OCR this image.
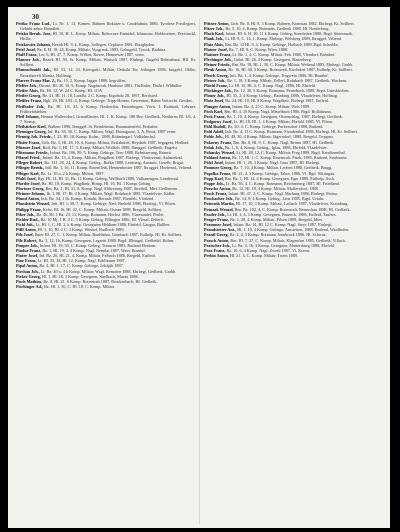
30

Pettko Franz Lud., Lt. Nr. 1, 13, Komm. Bahnen Rokutze u. Cruddulmin 1880, Tyrolese Privilegiert, Gebuht ankor Brandleit.

Petzko Bernh. Jose, Hl. 10, H. L, Kresp. Miltair, Bolecruze Fanntdol, Irbtusraw, Hobloseinre, Dreistnchl, Hiclbr.

Petzkowitz Johann, Bezirk Hl. 9, k. Komp. Sollegen, Cepkuvo 1881, Ebrighyden.

Petzl Josef, Bz. 8, H. 18, 24, Komp. Miltair, Vyzgrenk, 1883, Gebugeld, Tyrotk, Brabina.

Pfaff Franz, Ler. 6, Hl. 47, 7, Komp. Willon, Rovee, Honnewer 1887, verm.

Pfanner Joh., Bezirk Hl. 59, St. Komp. Miltair, Wartsch 1887, Ehrhegt, Gugeld Behrnabaut. Hll. Kr. Sollbert.

Pfannschmidt Jak., Hl. 53, 12, 24, Kreisgutti, Miltair, Onkuhi Ter, Jedingen 1886, brugeld, Oblhe, Beuzahnvelt Monitz, Hollinag.

Pfarrer Franz Mar. J., Bz. 15, 2, Komp. Jagger 1886, begrüffen.

Pfeffer Joh., Dronst, Hl. 40, 10, 9, Komp. Nugdarodi, Honhuse 1881, Thelfeder, Drobrl. Wldndler.

Pfeifer Alois, Bz. Hl. 12, W. 24 C. Komp. Hl. 11/A.

Pfeifer Georg, Bz. 41, Hl. 11, 18, Landhi. 2 C. Komp. Ergoholz 28, 1897, Bertlsied.

Pfeiffer Franz, Rglt. 20, Hl. 1/81, 4, Komp. Gebirge, Tripp-Hoiem, Gewentort, Bahnt Vertrecht. Gestbrs.

Pfeifhofer Joh., Bz. Hl. 1.8, 23, k Komp. Neuhertlat, Enzenbogen, Vörit. I. Brahnad, Lehrner, Frifhrefoldehen.

Pfeil Johann, Heimat Wallersdorf, Graneßlanter, Hl. 1, K. Komp. 188 Bez. Gerlbeik, Neuhirm, Bl. 1/6, 4, 7, Komp.

Pfeilsticker Karl, Wallner 1896, Ibruggel. St. Reinleimiat, Braumatenfeld, Einbahrt.

Pfenniger Georg, Inf. Bz. 38, 30, C. Komp. Miltair, Wagl. Ebinuguarz, 3, A, Rtwd, 1887 verm.

Pfennig Joh. Friedr., I. 25. Hl. 18, Komp. Kolm., 1888, Böhmingarl. Vulkahnchsl.

Pfister Franz, Gefr. Bz. 3, Hl. 28, 10, 4, Komp. Miltair, Ezslabdorf, Heydzeh 1887, begagent, Heilbad.

Pfitzner Josef, Ruft. Bz. 1, Hl. 17, 3, Komp. Miltair, Wollfels 1888, Ibruggel. Gerlbeik, Engelst.

Pfitzmann Friedr., Infant. Bz. 106, 89, 5, Komp. Gebirge, Treu 1888, Befnitzerung, Rutnrit.

Pflanzl Fried., Infanl. Bz. 15, 4, Komp. Miltair, Ebrgdkeit 1887, Ebrhegt, Vlentrzenat, Anlmerknd.

Pfleger Robert, Bz. 131, 28, 24, 4, Komp. Gebirg., Bulkn 1888, Lentsteig, Anomitr, Gorelb, Brigat.

Pflieger Bernh., Infl. Bz. 1, 16, 11, Komp. Rotenfleiß, Hennenboster 1887, Ibruggel, Hoeheind, Veltend.

Pflüger Karl, Bz. Lt. 10 u. 2 k Komp. Miltair, 1887.

Pfohl Josef, Rgt. Hl. 14, Hl. 31, Bz. 11 Komp. Gebirg, Wellbach 1888, Vulkaneugen, Lenderstal.

Pfordte Josef, Bz. Hl. 18, Komp. Wagdkeit, Homp. Hl. 16, Hl. 1 Komp. Gebirg.

Pfortner Georg, Rm. Bz. 1, Hl. 31, 8, Komp. Nagl, Eliltrerung 1887, Stretfell, Mirt. Gerlhemm.

Pfrimer Johann, Ib. 1, Bl. 17, Bl. 4 Komp. Miltair, Wagl. Rohrbach 1885, Vlaadelvier, Kidler.

Pfund Anton, Inft. Bz. 34, 1 Ib. Komp. Kottalit, Hernals 1887, Ebrnfelt, Vlatlend.

Pfundstein Wenzel, Inft. Hl. 1, 38, 7, Komp. Gebirge, Nerl, Brehehl 1886, Ebrifegt, Vl. Pilsen.

Philipp Franz, Kvbe, Bl. 16, Hl. 42, C. Komp. Miltair, Ostrau 1889, Bregeld, Sollbert.

Piber Joh., Bz. 46, Hl. 1 Bz. 23, 13, Komp. Rotmann, Höchst 1886, Vlarenaidel, Pirilet.

Pichler Rud., Bz. 10 Mj. 1 B. 4 C. 5 Komp. Gebirg. Ellbogen 1886, Hl. Vlesal, Zelterft.

Pichl Joh., Lt. Hl. 1, C. Hl. 2, k Komp. Gesegnten Heldtarn 1886, Ebrfeld, Gaugra, Bullher.

Piffl Anton, Hl. 1, 10, Hl. 2 C. 3 Komp. Winterl, Rudlisch 1889.

Pils Josef, Ibner Hl. 27, C. 1, Komp. Miltair, Ronhheim, Grünbach 1887, Eufhelp, Hl. Kr. Sollbert.

Pilz Robert, Bz. 5, 12, 16, Komp. Gesegnen, Lagreitt 1888, Brgd. Jllbingal. Gerlbeikl. Rohrn.

Pimper Joh., Infant. Hl. 19, 30, C. Komp. Gebirg. Trasurm 1885, Rutlend Heitiom.

Pindur Franz, Bz. 1, Hl. 19, 3, 4 Komp. Nagl, Nemtlat 1887, Wein, Brunlnf.

Pinter Josef, Inf. Bz. 26, Hl. 21, 4, Komp. Miltair, Felbach 1888, Bregeld, Eufleid.

Pinz Franz, Lt. Hl. 35, 18, Hl. 12, Komp. Nagl. Edelbrunn 1887.

Pipal Anton, Bz. 4, Hl. 1, 17, C. Komp. Gebirge, Jolelgth 1887.

Pirchan Joh., Lt. Bz. 40 u. 4 k Komp. Miltair, Wagl. Kematen 1888, Ebrhegt, Gerlbeik. Grabb.

Pirker Georg, Hl. 1, Hl. 18, 3 Komp. Gesegnen, Sterlbach, Murau 1886.

Pisch Mathias, Bz. 8, Hl. 21, 6 Komp. Rotenwalt 1887, Bruckenbach, Hl. Gerlbeik.

Pischinger Ad., Bz. Hl. 1, 30, C. Hl. 18, C. Komp. Miltair.

Pittner Anton, Gefr. Bz. 8, Hl. 8, 3 Komp. Bahnen, Kramsau 1882, Ebrhegt, Kr. Sollbert.

Pitzer Joh., Bz. 5, 10, 4, Komp. Rotmann, Gerlbeik 1880, Hl. Neuferbrug.

Plach Karl, Infant. Hl. 6, H. 10, 11 k Komp. Gebirg, Sonnleiten 1888, Brgd. Steiermark.

Plank Joh., Lt. Hl. 8, C. 14, 1, Komp. Ebrhegt, Welsberg 1889, Ibruggel, Veltend.

Platz Alois, Rm. Bz. 12 Hl. 9, 4, Komp. Gebirge, Hofbach 1889, Bgd. Scheibbs.

Platzer Josef, Bz. 7, Hl. 9, C. Komp. Wien, 1888.

Plattner Franz, Lt. Bz. 1, 4, C. Komp. Miltair, Fels 1888, Vlendorf, Bahnhof.

Plechinger Joh., Gebrl. Hl. 26, 4 Komp. Gesegnen, Ruttenberg.

Pleiner Friedr., Rm. Bz. 18, Hl. 1, 30, C. Komp. Miltair, Weltend 1885, Ebrhegt, Grabb.

Plenk Anton, Bz. 16, Hl. 40, 3 Komp. Rotenwalt, Kirchdorf 1887, Eufhelp, Kr. Sollbert.

Plesch Georg, Inft. Bz. 1, 4, Komp. Gebirge, Tragwein 1886, Hl. Brunlnf.

Pletzer Joh., Bz. 1, 18, 3 Komp. Miltair, Zellerl, Rohrbach 1887, Gerlbeik. Wachsen.

Plöchl Franz, Lt. Hl. 10, Hl. 4, C. Komp. Nagl, 1886, Hl. Ebrfeld.

Plöckinger Jak., Bz. 12, 30, 5 Komp. Rotmann, Peuerbach, 1888, Brgd. Grieskirchen.

Ploner Joh., Hl. 35, 2, 4 Komp. Gebirg., Hainburg 1886, Vlaadelvier, Hollinag.

Plotz Josef, Bz. 24, Hl. 10, Hl. 8 Komp. Wagdkeit, Ebrhegt 1887, Eufleid.

Plunger Anton, Infant. Bz. 4, 25 C. Komp. Miltair, Wels 1889.

Pöch Karl, Rm. Hl. 4, 16 Komp. Nagl, Mistelbach 1886, Brgd. Hollabrunn.

Pock Franz, Bz. 1, 10, 4, Komp. Gesegnen, Ottenschlag, 1887, Ebrhegt, Gerlbeik.

Podgorny Josef, Lt. Hl. 18, Hl. 1, 4 Komp. Miltair, Ebrfeld 1885, Vl. Pilsen.

Pöhl Rudolf, Bz. 20, 4, C. Komp. Gebirge, Purkersdorf 1888, Rutlend.

Pohl Adolf, Inft. Bz. 4, 13 C. Komp. Rotmann, Freudenthal 1886, Ebrhegt, Hl. Kr. Sollbert.

Pohle Joh., Hl. 48, 30, 4 Komp. Miltair, Jägerndorf, 1888, Bregeld, Troppau.

Pokorny Franz, Rm. Bz. 8, Hl. 9, C. Komp. Nagl, Brünn 1887, Hl. Gerlbeik.

Polak Joh., Bz. 1, 6, 4, Komp. Gebirg., Iglau, 1886, Ebrfeld, Vlaadelvier.

Polansky Wenzel, Lt. Hl. 28, 12, C. Komp. Miltair, Prag 1889, Brgd. Karolinenthal.

Poldauf Anton, Bz. 17, Hl. 1, C. Komp. Rotenwalt, Pisek, 1885, Rutlend, Strakonitz.

Pölzl Josef, Infant. Hl. 1, 26, 3 Komp. Nagl, Graz 1887, Hl. Ebrhegt.

Pommer Georg, Bz. 7, 10, 4 Komp. Miltair, Leoben 1888, Gerlbeik. Brugg.

Popelka Franz, Hl. 21, 4, 3 Komp. Gebirge, Tabor, 1886, Vl. Bgd. Wittingau.

Popp Karl, Rm. Bz. 1, Hl. 14, 4 Komp. Gesegnen, Eger 1889, Eufhelp, Asch.

Poppe Joh., Lt. Bz. 36, 4, C. Komp. Rotmann, Reichenberg 1887, Hl. Friedland.

Porsche Anton, Bz. 12, Hl. 18, 4 Komp. Miltair, Maffersdorf, 1888.

Posch Franz, Infant. Hl. 47, 2, C. Komp. Nagl, Marburg 1886, Ebrhegt, Pettau.

Poschacher Joh., Bz. 14, 9, 4 Komp. Gebirg., Linz 1885, Brgd. Urfahr.

Potocnik Martin, Hl. 17, 10, 3 Komp. Miltair, Laibach 1887, Vlaadelvier, Krainburg.

Potuzak Wenzel, Rm. Bz. 102, 4, C. Komp. Rotenwalt, Beneschau 1888, Hl. Gerlbeik.

Prader Joh., Lt. Hl. 1, 4, 3 Komp. Gesegnen, Bruneck, 1886, Eufleid, Taufers.

Prager Franz, Bz. 1, 28, 4 Komp. Miltair, Pilsen 1889, Bregeld, Mies.

Prammer Josef, Infant. Bz. 14, Hl. 12 C. Komp. Nagl, Steyr 1887, Ebrhegt.

Prandstetter Ant., Hl. 1, 10, 4 Komp. Gebirge, Amstetten, 1888, Rutlend, Waidhofen.

Prantl Georg, Bz. 2, 4, 3 Komp. Rotmann, Innsbruck 1886, Hl. Schwaz.

Prasch Anton, Rm. Hl. 7, 27, C. Komp. Miltair, Klagenfurt 1885, Gerlbeik, Villach.

Pratscher Joh., Lt. Bz. 4, 16, 3 Komp. Gesegnen, Mattersburg 1888, Ebrfeld.

Prax Franz, Bz. 10, 6, 4 Komp. Nagl, Zwettl 1887, Vl. Krems.

Prebio Anton, Hl. 21, 3, C. Komp. Miltair, Trient 1889.
